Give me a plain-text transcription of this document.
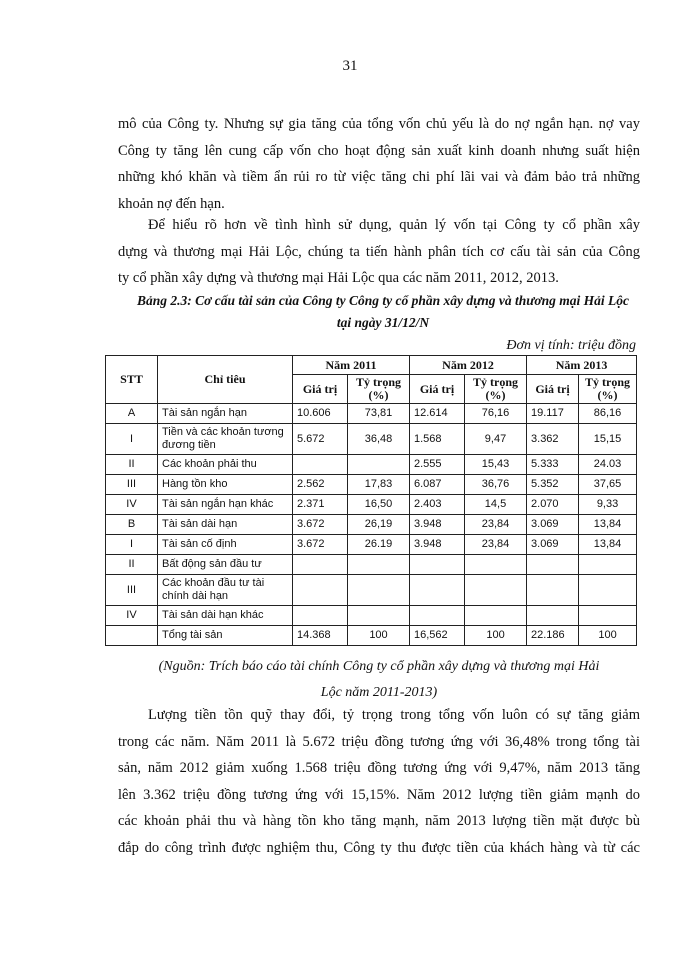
31
mô của Công ty. Nhưng sự gia tăng của tổng vốn chủ yếu là do nợ ngắn hạn. nợ vay
Công ty tăng lên cung cấp vốn cho hoạt động sản xuất kinh doanh nhưng suất hiện
những khó khăn và tiềm ẩn rủi ro từ việc tăng chi phí lãi vai và đảm bảo trả những
khoản nợ đến hạn.
Để hiểu rõ hơn về tình hình sử dụng, quản lý vốn tại Công ty cổ phần xây
dựng và thương mại Hải Lộc, chúng ta tiến hành phân tích cơ cấu tài sản của Công
ty cổ phần xây dựng và thương mại Hải Lộc qua các năm 2011, 2012, 2013.
Bảng 2.3: Cơ cấu tài sản của Công ty Công ty cổ phần xây dựng và thương mại Hải Lộc
tại ngày 31/12/N
Đơn vị tính: triệu đồng
STT	Chỉ tiêu	Năm 2011		Năm 2012		Năm 2013	
		Giá trị	Tỷ trọng (%)	Giá trị	Tỷ trọng (%)	Giá trị	Tỷ trọng (%)
A	Tài sản ngắn hạn	10.606	73,81	12.614	76,16	19.117	86,16
I	Tiền và các khoản tương đương tiền	5.672	36,48	1.568	9,47	3.362	15,15
II	Các khoản phải thu			2.555	15,43	5.333	24.03
III	Hàng tồn kho	2.562	17,83	6.087	36,76	5.352	37,65
IV	Tài sản ngắn hạn khác	2.371	16,50	2.403	14,5	2.070	9,33
B	Tài sản dài hạn	3.672	26,19	3.948	23,84	3.069	13,84
I	Tài sản cố định	3.672	26.19	3.948	23,84	3.069	13,84
II	Bất động sản đầu tư						
III	Các khoản đầu tư tài chính dài hạn						
IV	Tài sản dài hạn khác						
	Tổng tài sản	14.368	100	16,562	100	22.186	100
(Nguồn: Trích báo cáo tài chính Công ty cổ phần xây dựng và thương mại Hải
Lộc năm 2011-2013)
Lượng tiền tồn quỹ thay đổi, tỷ trọng trong tổng vốn luôn có sự tăng giảm
trong các năm. Năm 2011 là 5.672 triệu đồng tương ứng với 36,48% trong tổng tài
sản, năm 2012 giảm xuống 1.568 triệu đồng tương ứng với 9,47%, năm 2013 tăng
lên 3.362 triệu đồng tương ứng với 15,15%. Năm 2012 lượng tiền giảm mạnh do
các khoản phải thu và hàng tồn kho tăng mạnh, năm 2013 lượng tiền mặt được bù
đắp do công trình được nghiệm thu, Công ty thu được tiền của khách hàng và từ các
